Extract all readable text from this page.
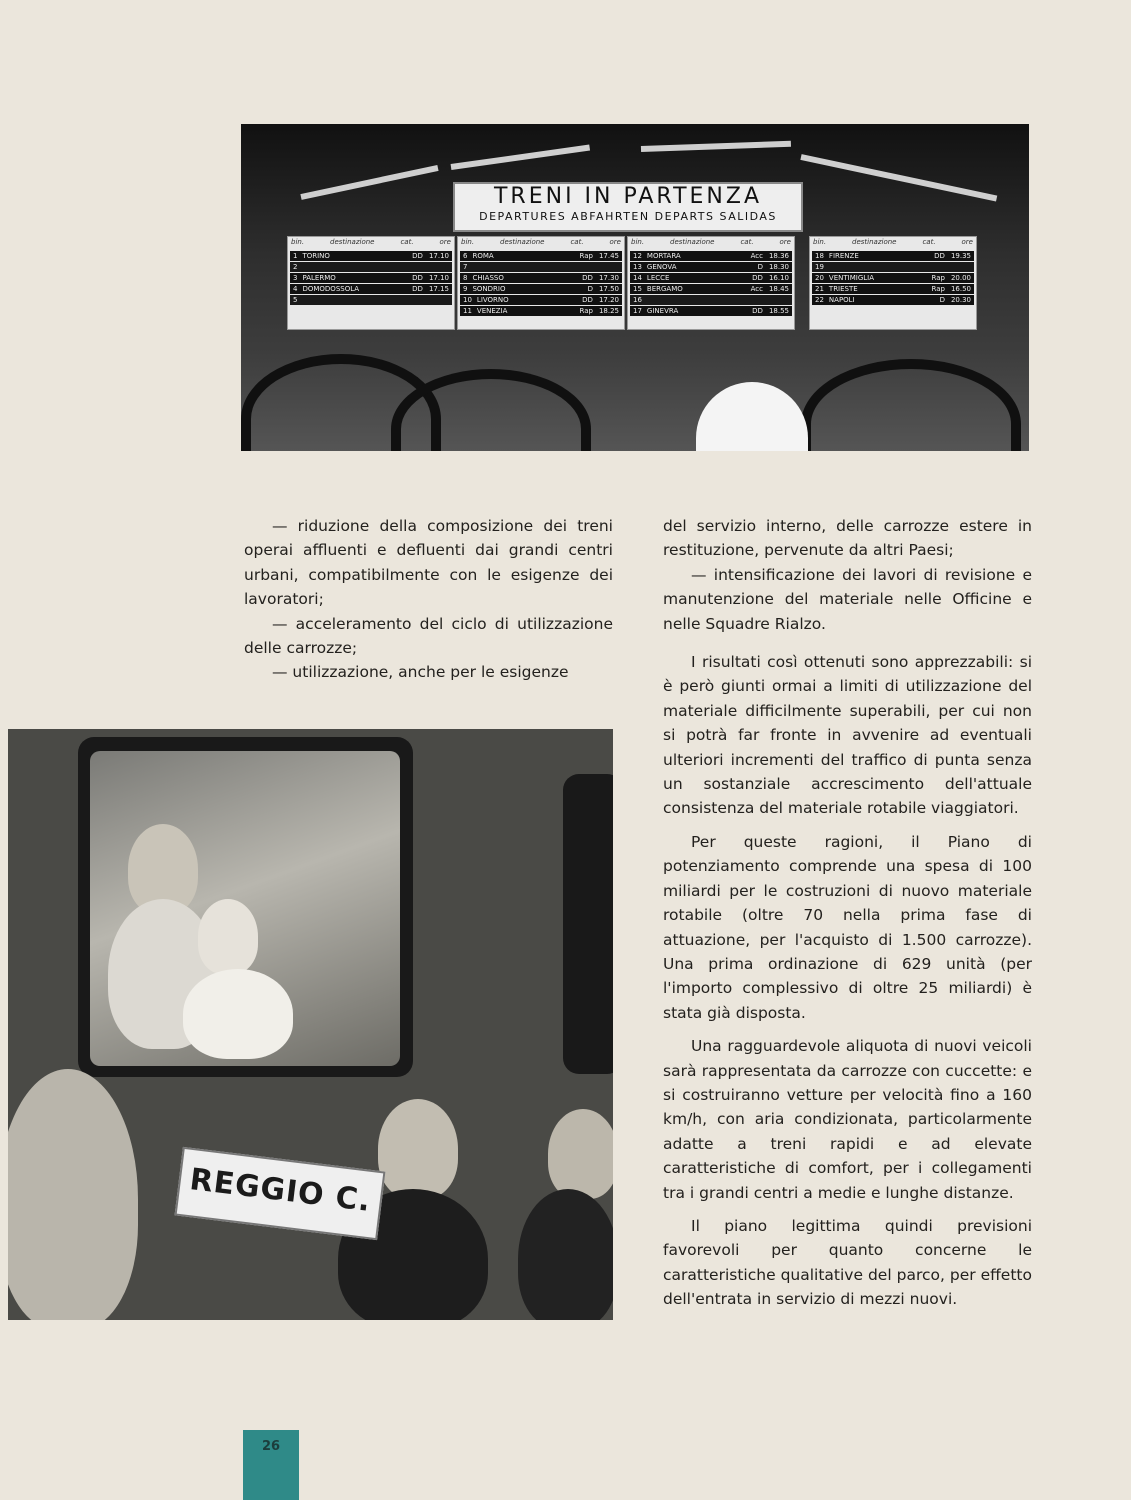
TRENI IN PARTENZA
DEPARTURES ABFAHRTEN DEPARTS SALIDAS
bin.	destinazione	cat.	ore
1 TORINO	DD 17.10
2
3 PALERMO	DD 17.10
4 DOMODOSSOLA	DD 17.15
5
bin.	destinazione	cat.	ore
6 ROMA	Rap 17.45
7
8 CHIASSO	DD 17.30
9 SONDRIO	D 17.50
10 LIVORNO	DD 17.20
11 VENEZIA	Rap 18.25
bin.	destinazione	cat.	ore
12 MORTARA	Acc 18.36
13 GENOVA	D 18.30
14 LECCE	DD 16.10
15 BERGAMO	Acc 18.45
16
17 GINEVRA	DD 18.55
bin.	destinazione	cat.	ore
18 FIRENZE	DD 19.35
19
20 VENTIMIGLIA	Rap 20.00
21 TRIESTE	Rap 16.50
22 NAPOLI	D 20.30

— riduzione della composizione dei treni operai affluenti e defluenti dai grandi centri urbani, compatibilmente con le esigenze dei lavoratori;

— acceleramento del ciclo di utilizzazione delle carrozze;

— utilizzazione, anche per le esigenze

REGGIO C.

del servizio interno, delle carrozze estere in restituzione, pervenute da altri Paesi;

— intensificazione dei lavori di revisione e manutenzione del materiale nelle Officine e nelle Squadre Rialzo.

I risultati così ottenuti sono apprezzabili: si è però giunti ormai a limiti di utilizzazione del materiale difficilmente superabili, per cui non si potrà far fronte in avvenire ad eventuali ulteriori incrementi del traffico di punta senza un sostanziale accrescimento dell'attuale consistenza del materiale rotabile viaggiatori.

Per queste ragioni, il Piano di potenziamento comprende una spesa di 100 miliardi per le costruzioni di nuovo materiale rotabile (oltre 70 nella prima fase di attuazione, per l'acquisto di 1.500 carrozze). Una prima ordinazione di 629 unità (per l'importo complessivo di oltre 25 miliardi) è stata già disposta.

Una ragguardevole aliquota di nuovi veicoli sarà rappresentata da carrozze con cuccette: e si costruiranno vetture per velocità fino a 160 km/h, con aria condizionata, particolarmente adatte a treni rapidi e ad elevate caratteristiche di comfort, per i collegamenti tra i grandi centri a medie e lunghe distanze.

Il piano legittima quindi previsioni favorevoli per quanto concerne le caratteristiche qualitative del parco, per effetto dell'entrata in servizio di mezzi nuovi.

26
